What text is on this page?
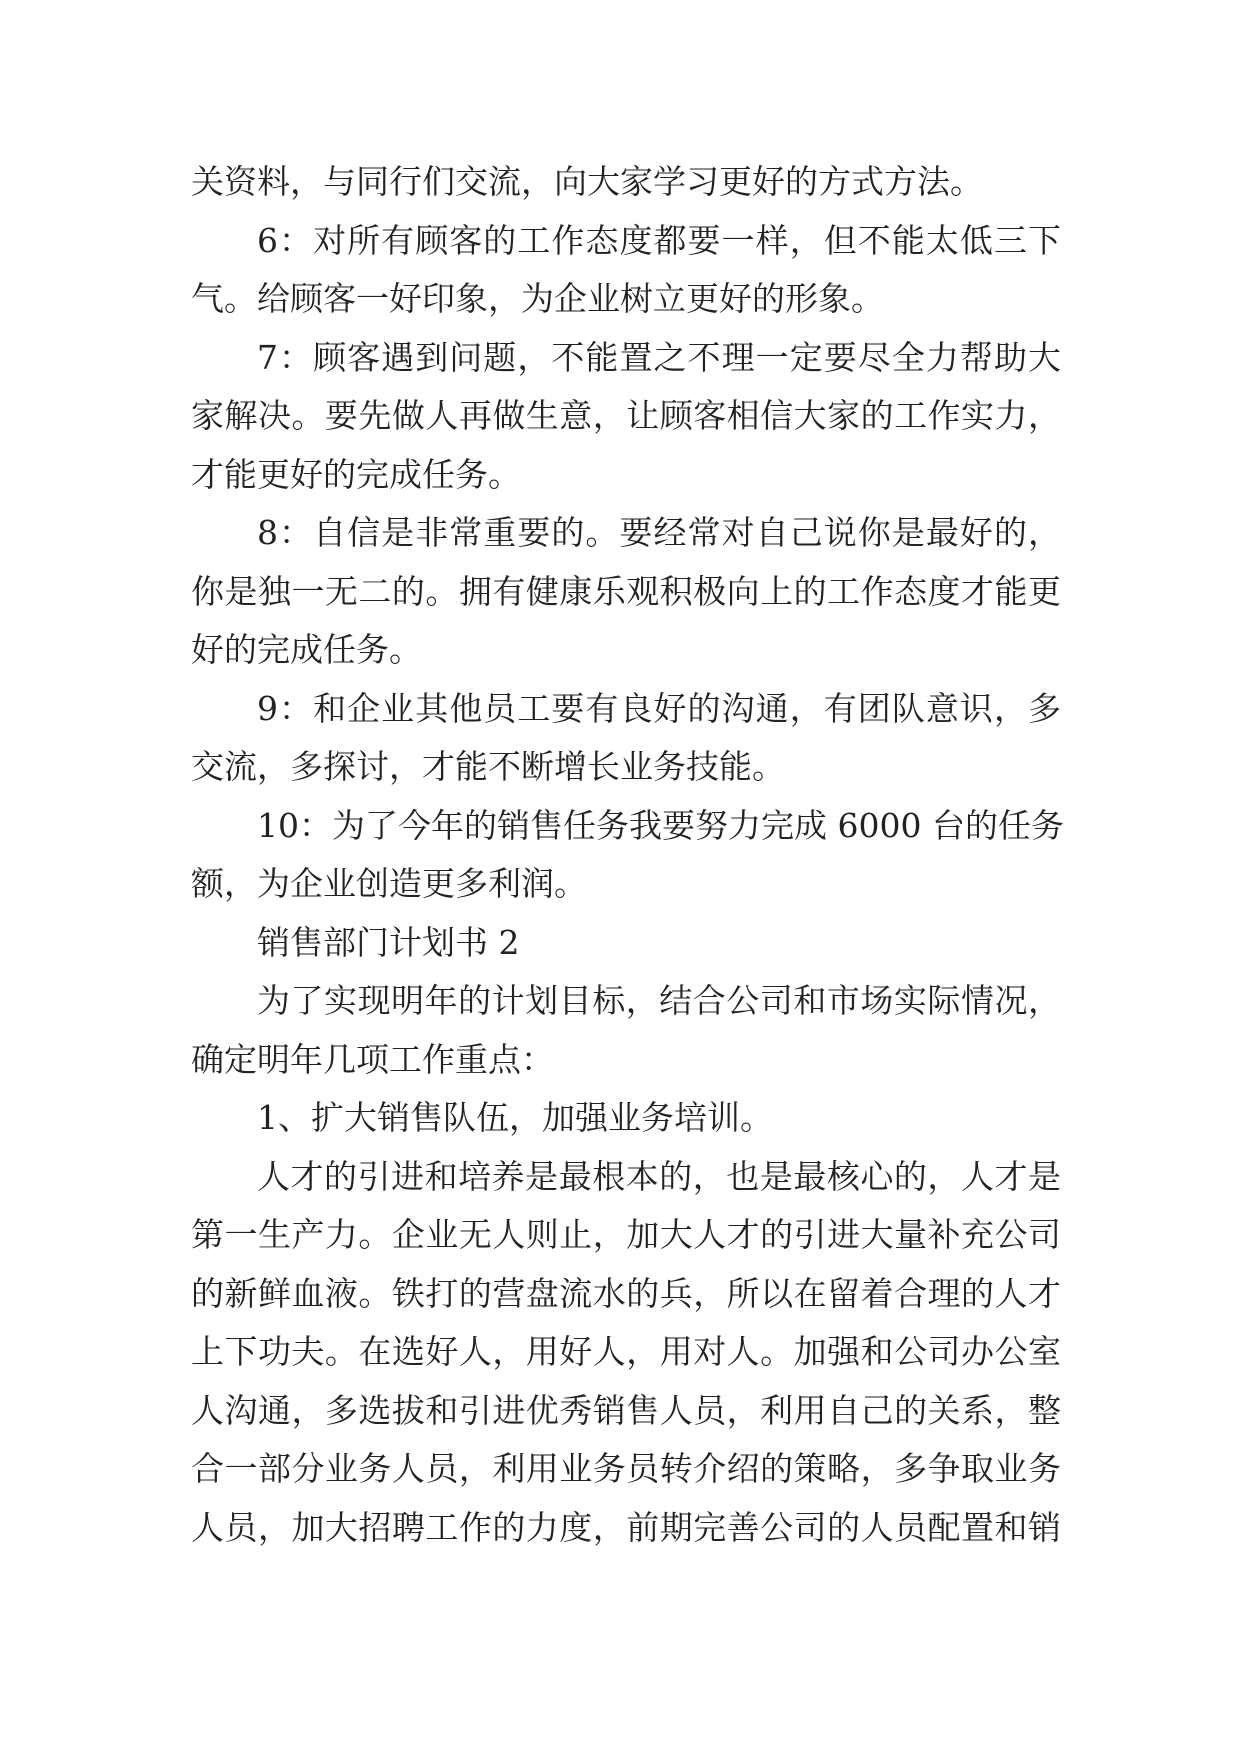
关资料，与同行们交流，向大家学习更好的方式方法。
6：对所有顾客的工作态度都要一样，但不能太低三下
气。给顾客一好印象，为企业树立更好的形象。
7：顾客遇到问题，不能置之不理一定要尽全力帮助大
家解决。要先做人再做生意，让顾客相信大家的工作实力，
才能更好的完成任务。
8：自信是非常重要的。要经常对自己说你是最好的，
你是独一无二的。拥有健康乐观积极向上的工作态度才能更
好的完成任务。
9：和企业其他员工要有良好的沟通，有团队意识，多
交流，多探讨，才能不断增长业务技能。
10：为了今年的销售任务我要努力完成 6000 台的任务
额，为企业创造更多利润。
销售部门计划书 2
为了实现明年的计划目标，结合公司和市场实际情况，
确定明年几项工作重点：
1、扩大销售队伍，加强业务培训。
人才的引进和培养是最根本的，也是最核心的，人才是
第一生产力。企业无人则止，加大人才的引进大量补充公司
的新鲜血液。铁打的营盘流水的兵，所以在留着合理的人才
上下功夫。在选好人，用好人，用对人。加强和公司办公室
人沟通，多选拔和引进优秀销售人员，利用自己的关系，整
合一部分业务人员，利用业务员转介绍的策略，多争取业务
人员，加大招聘工作的力度，前期完善公司的人员配置和销
